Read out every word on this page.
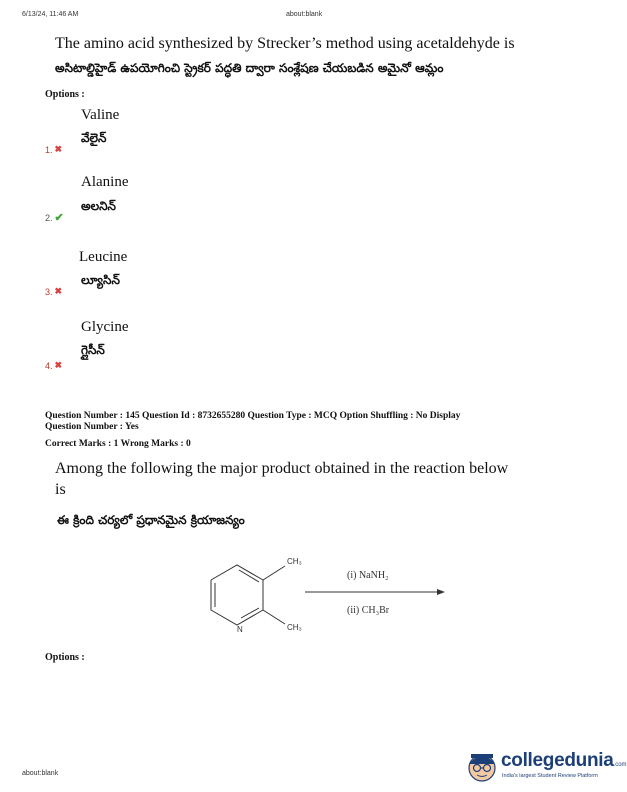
6/13/24, 11:46 AM	about:blank
The amino acid synthesized by Strecker’s method using acetaldehyde is
అసిటాల్డిహైడ్ ఉపయోగించి స్ట్రెకర్ పద్ధతి ద్వారా సంశ్లేషణ చేయబడిన అమైనో ఆమ్లం
Options :
Valine
వేలైన్
1. ✖
Alanine
అలనిన్
2. ✔
Leucine
ల్యూసిన్
3. ✖
Glycine
గ్లైసీన్
4. ✖
Question Number : 145 Question Id : 8732655280 Question Type : MCQ Option Shuffling : No Display
Question Number : Yes
Correct Marks : 1 Wrong Marks : 0
Among the following the major product obtained in the reaction below
is
ఈ క్రింది చర్యలో ప్రధానమైన క్రియాజన్యం
N
CH₃
CH₃
(i) NaNH₂
(ii) CH₃Br
Options :
about:blank
collegedunia.com
India's largest Student Review Platform
